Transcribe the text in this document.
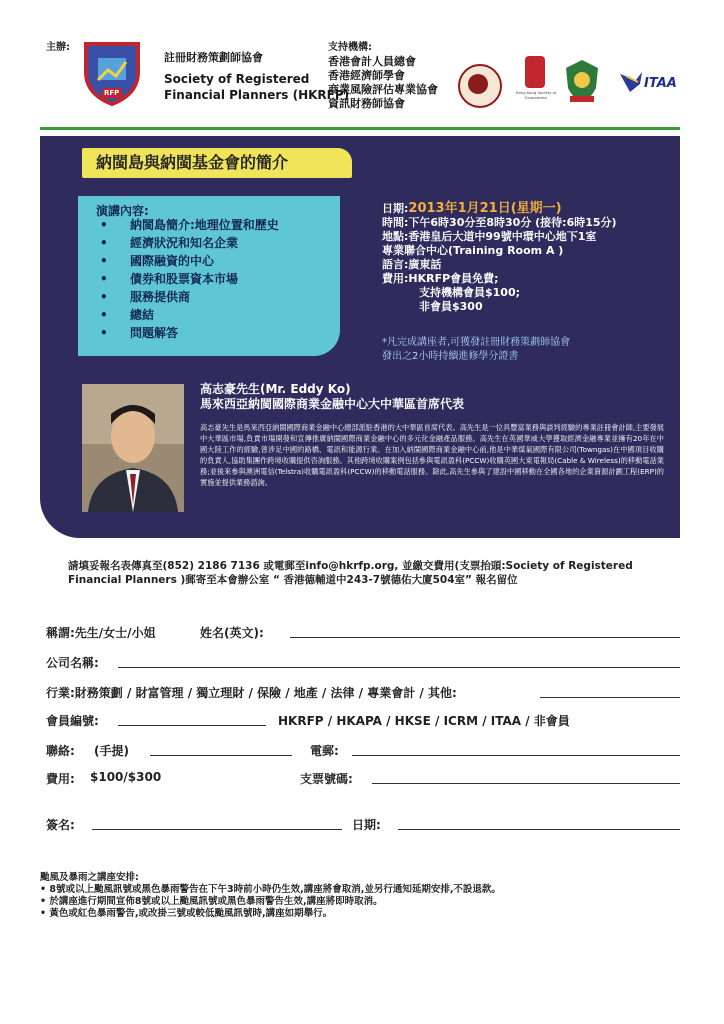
主辦:
RFP
註冊財務策劃師協會
Society of Registered
Financial Planners (HKRFP)
支持機構:
香港會計人員總會
香港經濟師學會
商業風險評估專業協會
資訊財務師協會
Hong Kong Society of Economists
ITAA
納閩島與納閩基金會的簡介
演講內容:
• 納閩島簡介:地理位置和歷史
• 經濟狀況和知名企業
• 國際融資的中心
• 債券和股票資本市場
• 服務提供商
• 總結
• 問題解答
日期:2013年1月21日(星期一)
時間:下午6時30分至8時30分 (接待:6時15分)
地點:香港皇后大道中99號中環中心地下1室
專業聯合中心(Training Room A )
語言:廣東話
費用:HKRFP會員免費;
支持機構會員$100;
非會員$300
*凡完成講座者,可獲發註冊財務策劃師協會
發出之2小時持續進修學分證書
高志豪先生(Mr. Eddy Ko)
馬來西亞納閩國際商業金融中心大中華區首席代表
高志豪先生是馬來西亞納閩國際商業金融中心總部派駐香港的大中華區首席代表。高先生是一位具豐富業務與談判經驗的專業註冊會計師,主要發展中大華區市場,負責市場開發和宣傳推廣納閩國際商業金融中心的多元化金融產品服務。高先生在英國華威大學獲取經濟金融專業並擁有20年在中國大陸工作的經驗,曾涉足中國的路橋、電訊和能源行業。在加入納閩國際商業金融中心前,他是中華煤氣國際有限公司(Towngas)在中國項目收購的負責人,協助集團作跨境收購提供咨詢服務。其他跨境收購案例包括參與電訊盈科(PCCW)收購英國大東電報局(Cable & Wireless)的移動電話業務;並後來參與澳洲電信(Telstra)收購電訊盈科(PCCW)的移動電話服務。除此,高先生參與了建設中國移動在全國各地的企業資源計劃工程(ERP)的實施並提供業務諮詢。
請填妥報名表傳真至(852) 2186 7136 或電郵至info@hkrfp.org, 並繳交費用(支票抬頭:Society of Registered
Financial Planners )郵寄至本會辦公室 “ 香港德輔道中243-7號德佑大廈504室” 報名留位
稱謂:先生/女士/小姐	姓名(英文):
公司名稱:
行業:財務策劃 / 財富管理 / 獨立理財 / 保險 / 地產 / 法律 / 專業會計 / 其他:
會員編號:	HKRFP / HKAPA / HKSE / ICRM / ITAA / 非會員
聯絡: (手提)	電郵:
費用: $100/$300	支票號碼:
簽名:	日期:
颱風及暴雨之講座安排:
• 8號或以上颱風訊號或黑色暴雨警告在下午3時前小時仍生效,講座將會取消,並另行通知延期安排,不設退款。
• 於講座進行期間宣佈8號或以上颱風訊號或黑色暴雨警告生效,講座將即時取消。
• 黃色或紅色暴雨警告,或改掛三號或較低颱風訊號時,講座如期舉行。
